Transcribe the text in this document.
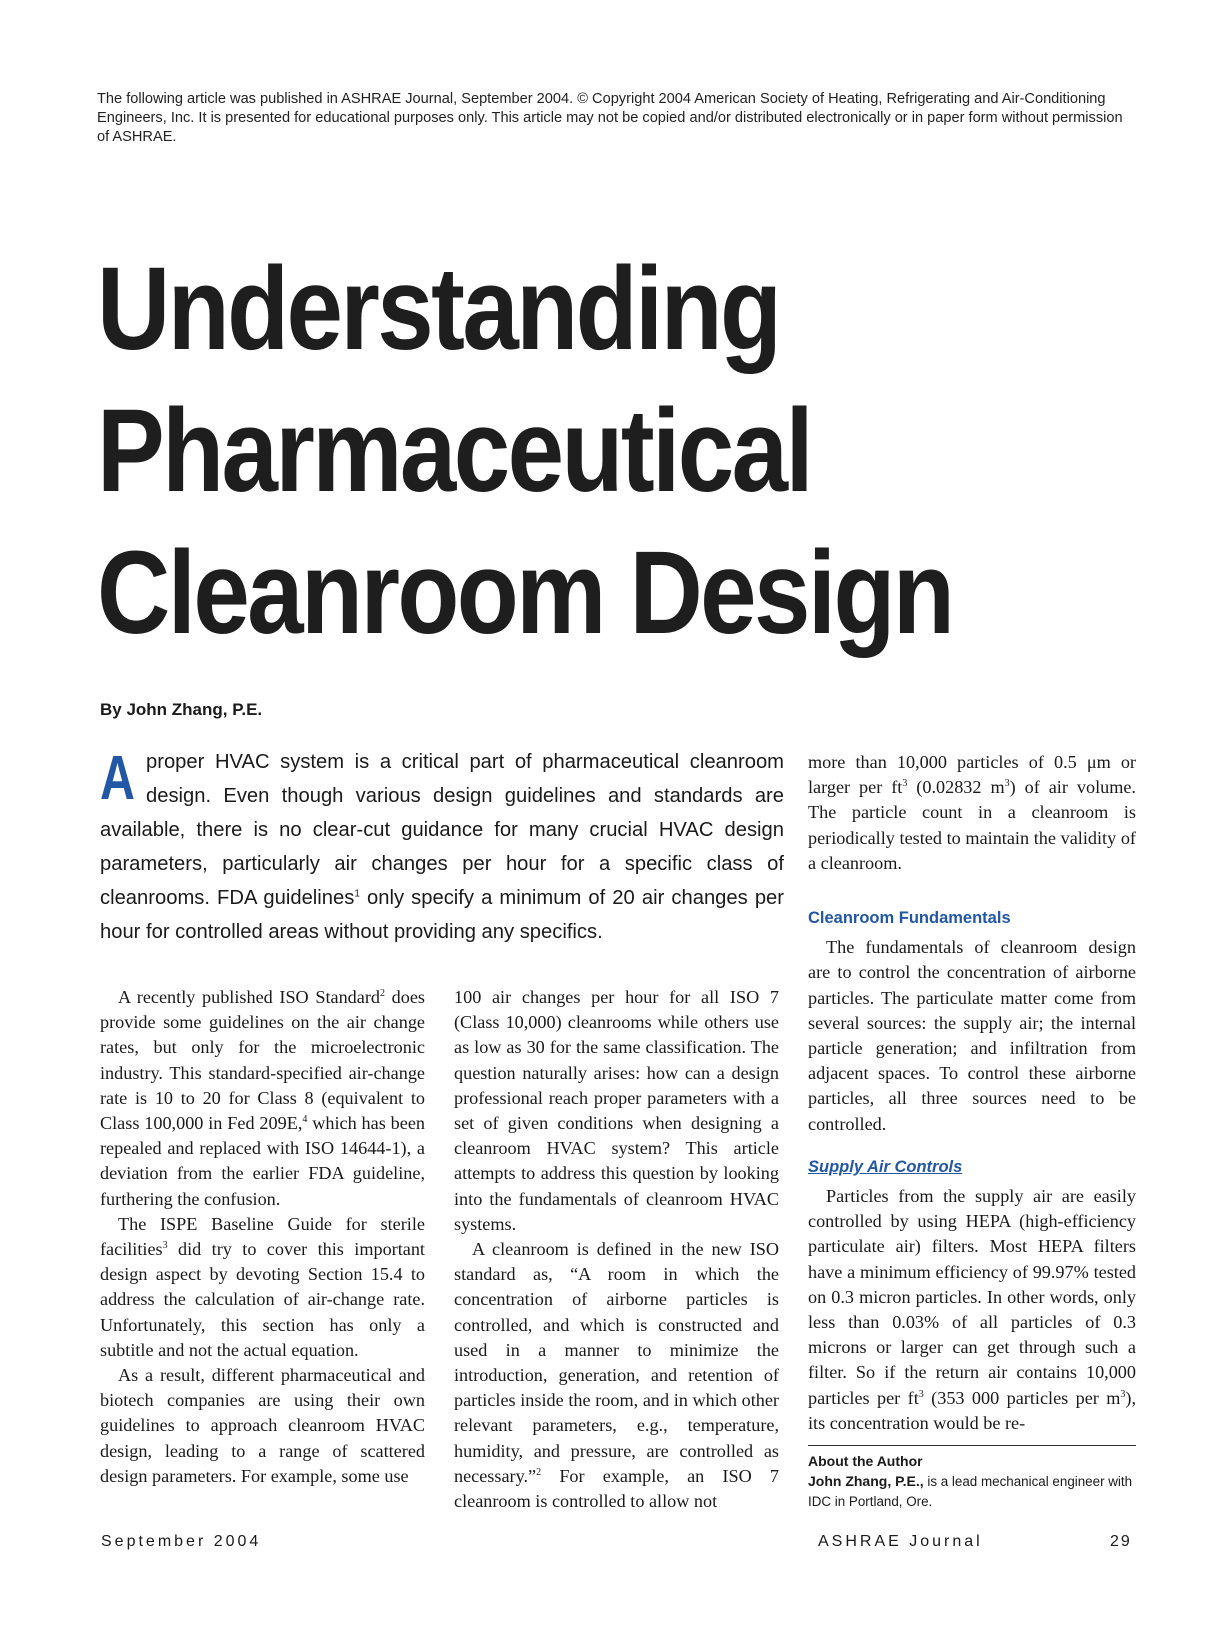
The following article was published in ASHRAE Journal, September 2004. © Copyright 2004 American Society of Heating, Refrigerating and Air-Conditioning Engineers, Inc. It is presented for educational purposes only. This article may not be copied and/or distributed electronically or in paper form without permission of ASHRAE.

Understanding
Pharmaceutical
Cleanroom Design

By John Zhang, P.E.

A proper HVAC system is a critical part of pharmaceutical cleanroom design. Even though various design guidelines and standards are available, there is no clear-cut guidance for many crucial HVAC design parameters, particularly air changes per hour for a specific class of cleanrooms. FDA guidelines$^1$ only specify a minimum of 20 air changes per hour for controlled areas without providing any specifics.

A recently published ISO Standard$^2$ does provide some guidelines on the air change rates, but only for the microelectronic industry. This standard-specified air-change rate is 10 to 20 for Class 8 (equivalent to Class 100,000 in Fed 209E,$^4$ which has been repealed and replaced with ISO 14644-1), a deviation from the earlier FDA guideline, furthering the confusion.

The ISPE Baseline Guide for sterile facilities$^3$ did try to cover this important design aspect by devoting Section 15.4 to address the calculation of air-change rate. Unfortunately, this section has only a subtitle and not the actual equation.

As a result, different pharmaceutical and biotech companies are using their own guidelines to approach cleanroom HVAC design, leading to a range of scattered design parameters. For example, some use

100 air changes per hour for all ISO 7 (Class 10,000) cleanrooms while others use as low as 30 for the same classification. The question naturally arises: how can a design professional reach proper parameters with a set of given conditions when designing a cleanroom HVAC system? This article attempts to address this question by looking into the fundamentals of cleanroom HVAC systems.

A cleanroom is defined in the new ISO standard as, “A room in which the concentration of airborne particles is controlled, and which is constructed and used in a manner to minimize the introduction, generation, and retention of particles inside the room, and in which other relevant parameters, e.g., temperature, humidity, and pressure, are controlled as necessary.”$^2$ For example, an ISO 7 cleanroom is controlled to allow not

more than 10,000 particles of 0.5 μm or larger per $ft^3$ (0.02832 $m^3$) of air volume. The particle count in a cleanroom is periodically tested to maintain the validity of a cleanroom.

Cleanroom Fundamentals

The fundamentals of cleanroom design are to control the concentration of airborne particles. The particulate matter come from several sources: the supply air; the internal particle generation; and infiltration from adjacent spaces. To control these airborne particles, all three sources need to be controlled.

Supply Air Controls

Particles from the supply air are easily controlled by using HEPA (high-efficiency particulate air) filters. Most HEPA filters have a minimum efficiency of 99.97% tested on 0.3 micron particles. In other words, only less than 0.03% of all particles of 0.3 microns or larger can get through such a filter. So if the return air contains 10,000 particles per $ft^3$ (353 000 particles per $m^3$), its concentration would be re-

About the Author
John Zhang, P.E., is a lead mechanical engineer with IDC in Portland, Ore.
September 2004	ASHRAE Journal	29
